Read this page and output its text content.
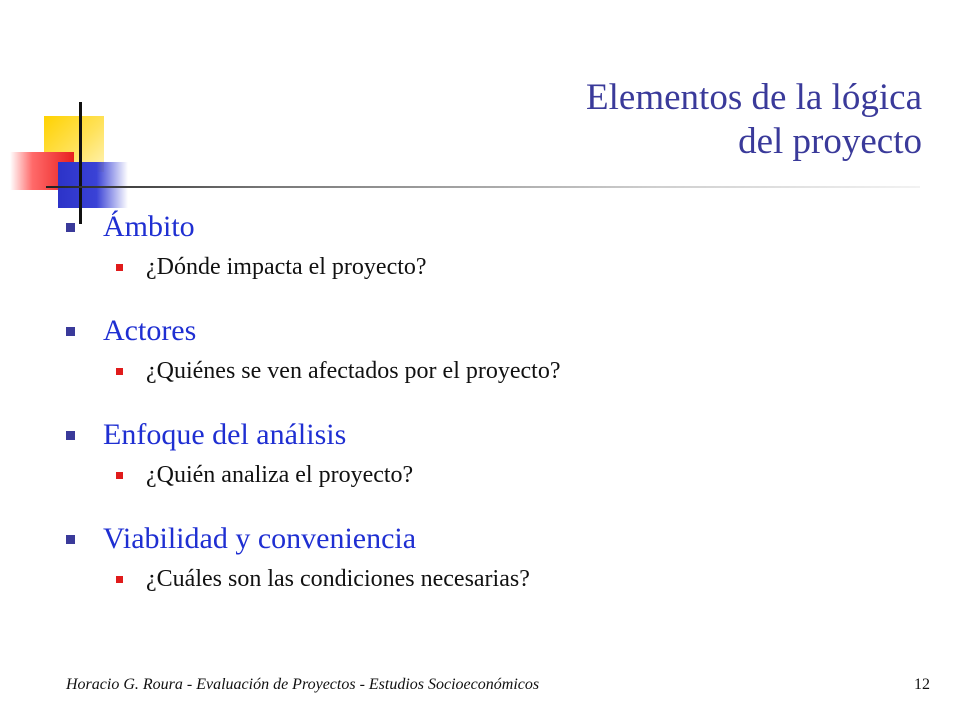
Elementos de la lógica
del proyecto
Ámbito
¿Dónde impacta el proyecto?
Actores
¿Quiénes se ven afectados por el proyecto?
Enfoque del análisis
¿Quién analiza el proyecto?
Viabilidad y conveniencia
¿Cuáles son las condiciones necesarias?
Horacio G. Roura - Evaluación de Proyectos - Estudios Socioeconómicos	12
